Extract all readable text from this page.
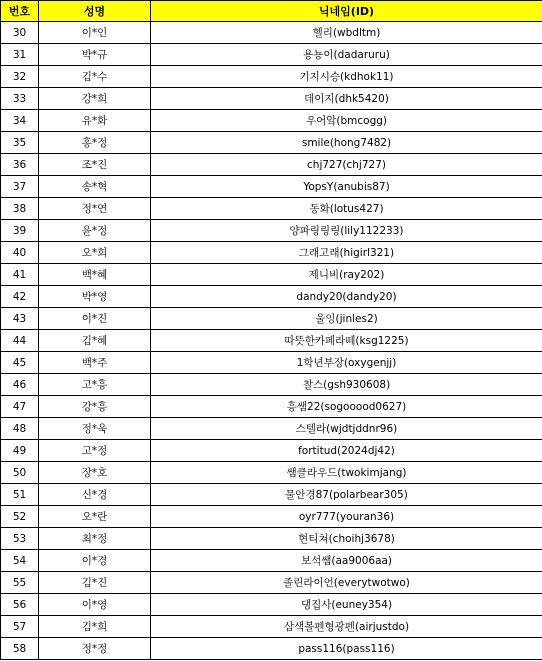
번호	성명	닉네임(ID)
30	이*인	헬리(wbdltm)
31	박*규	용뇽이(dadaruru)
32	김*수	기지시승(kdhok11)
33	강*희	데이지(dhk5420)
34	유*화	우어앜(bmcogg)
35	홍*정	smile(hong7482)
36	조*진	chj727(chj727)
37	송*혁	YopsY(anubis87)
38	정*연	동화(lotus427)
39	윤*정	양파링링링(lily112233)
40	오*희	그래고래(higirl321)
41	백*혜	제니비(ray202)
42	박*영	dandy20(dandy20)
43	이*진	울잉(jinles2)
44	김*혜	따뜻한카페라떼(ksg1225)
45	백*주	1학년부장(oxygenjj)
46	고*흥	찰스(gsh930608)
47	강*흥	흥쌤22(sogooood0627)
48	정*욱	스텔라(wjdtjddnr96)
49	고*정	fortitud(2024dj42)
50	장*호	쌤클라우드(twokimjang)
51	신*경	물안경87(polarbear305)
52	오*란	oyr777(youran36)
53	최*정	현티쳐(choihj3678)
54	이*경	보석쌤(aa9006aa)
55	김*진	졸린라이언(everytwotwo)
56	이*영	댕집사(euney354)
57	김*희	삼색볼펜형광펜(airjustdo)
58	정*정	pass116(pass116)
